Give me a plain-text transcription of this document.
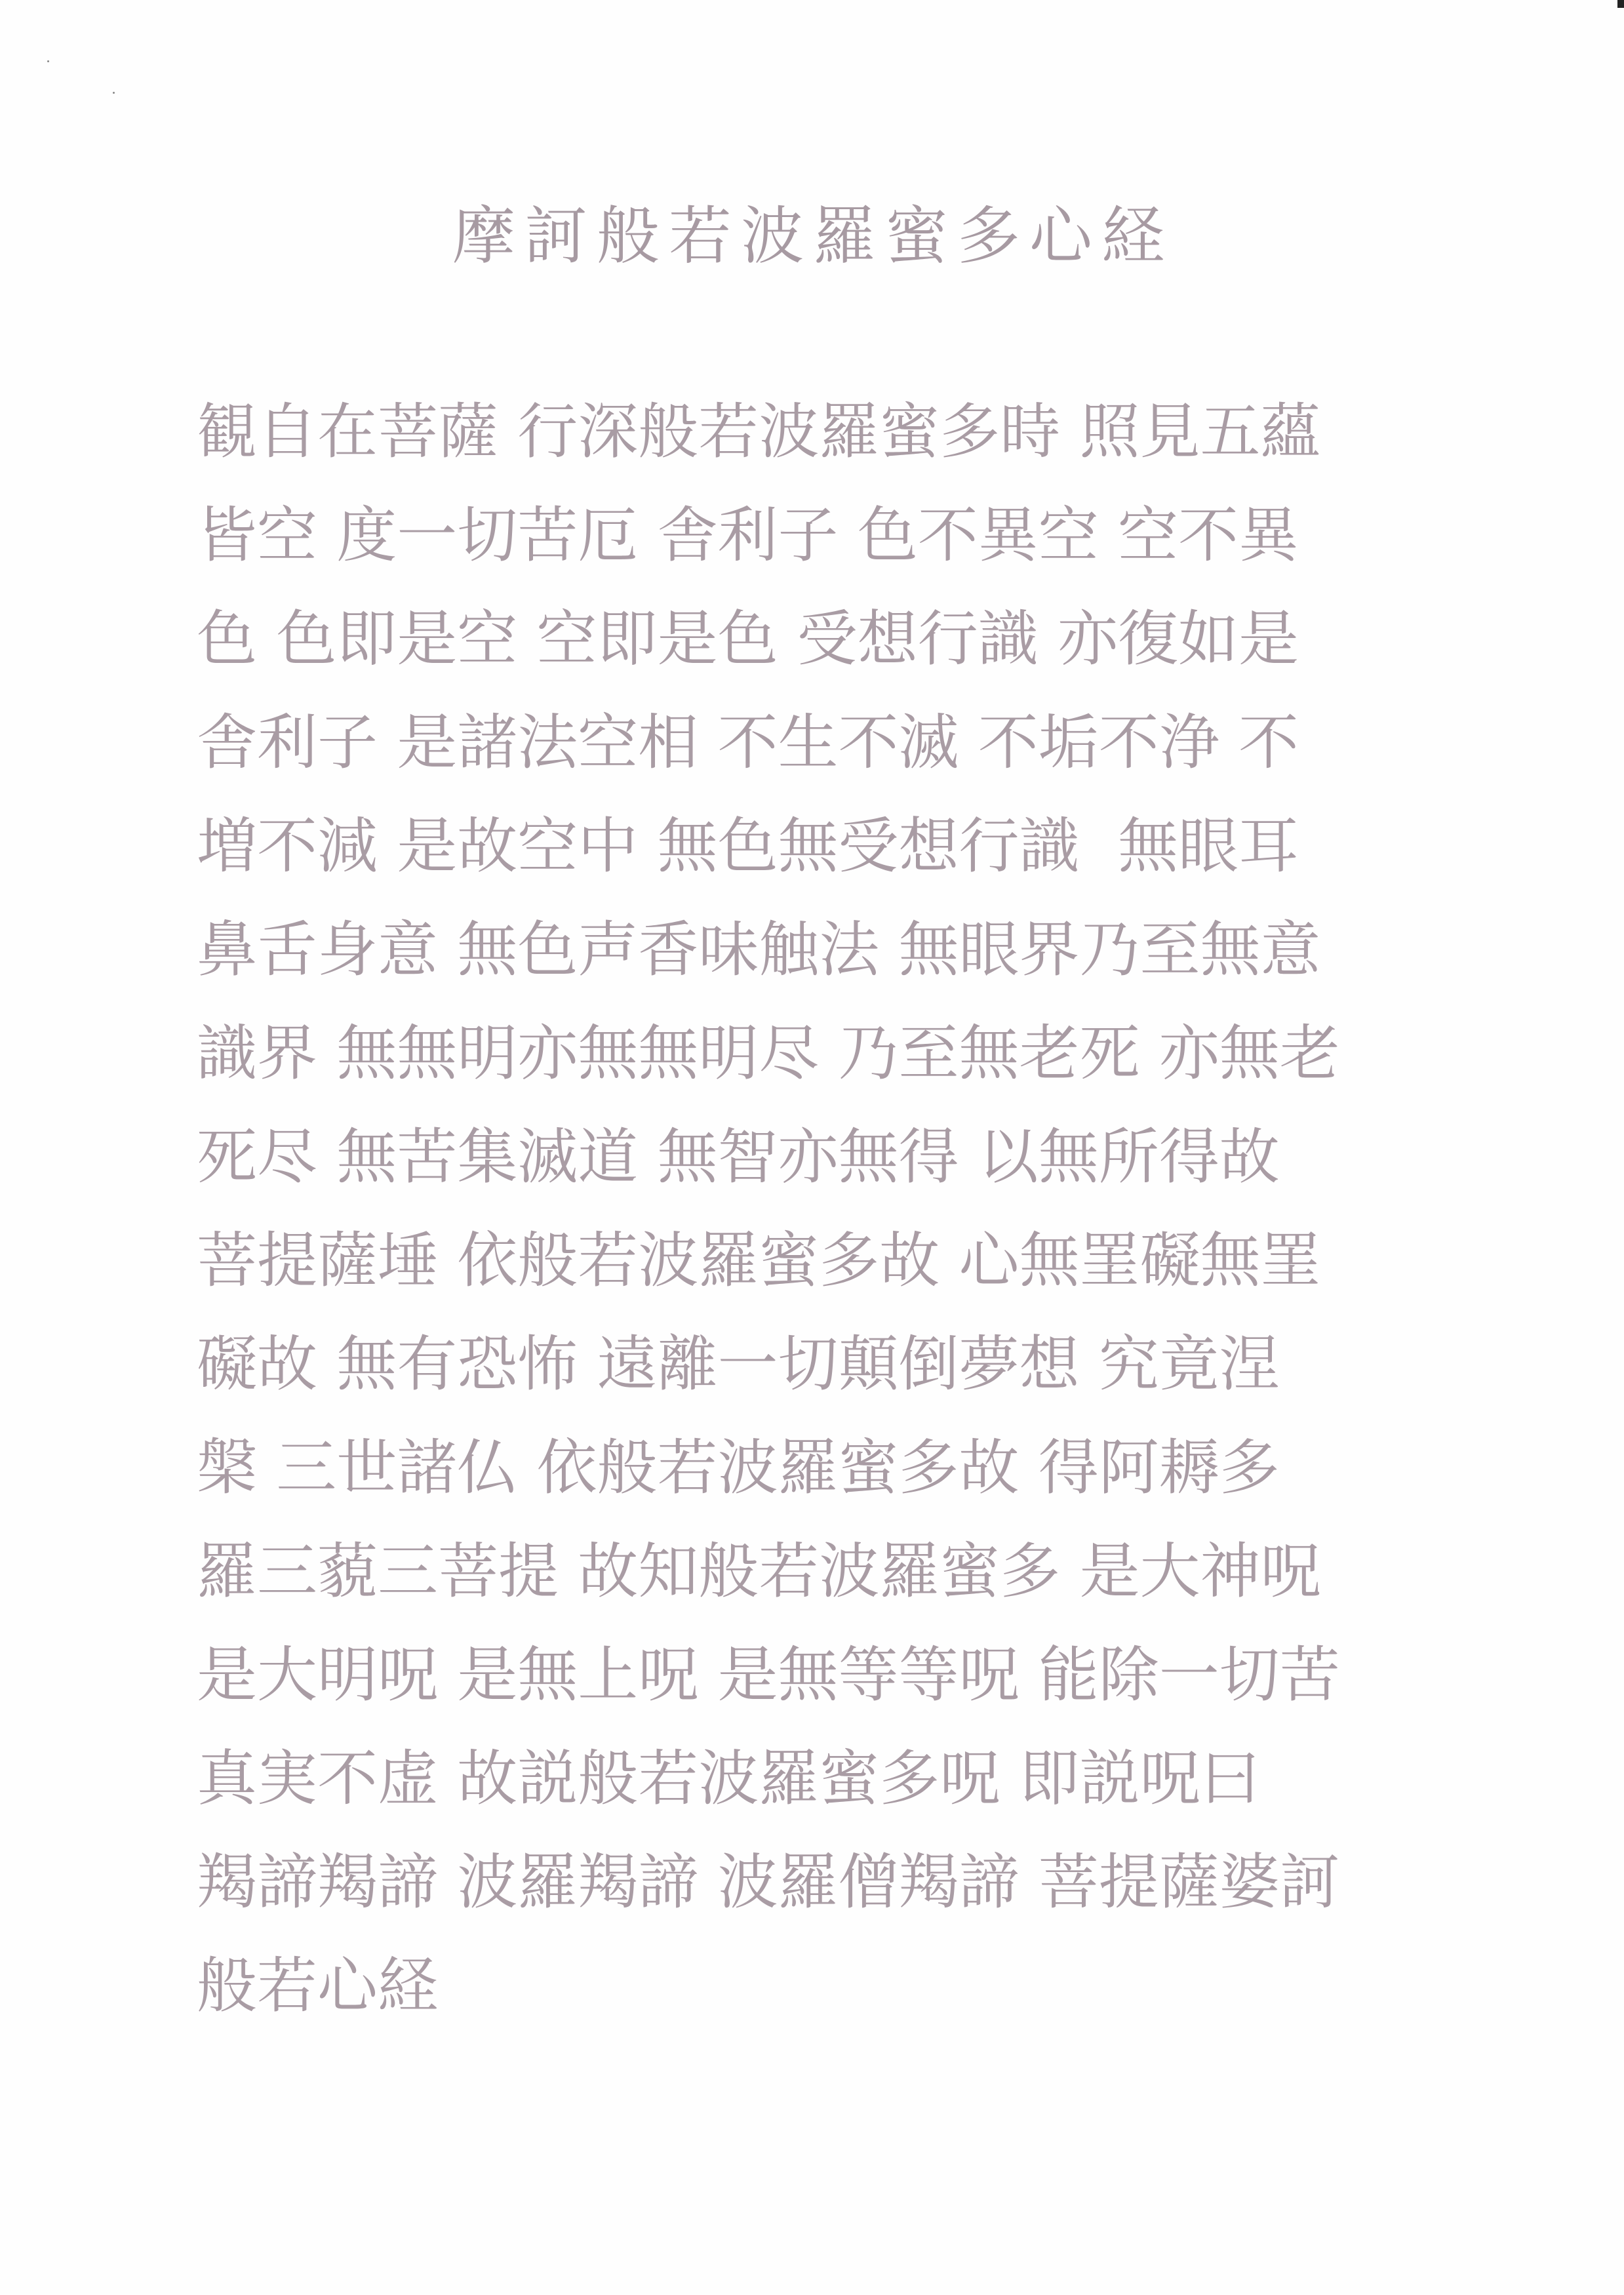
摩訶般若波羅蜜多心経
観自在菩薩 行深般若波羅蜜多時 照見五蘊
皆空 度一切苦厄 舎利子 色不異空 空不異
色 色即是空 空即是色 受想行識 亦復如是
舎利子 是諸法空相 不生不滅 不垢不浄 不
増不減 是故空中 無色無受想行識  無眼耳
鼻舌身意 無色声香味触法 無眼界乃至無意
識界 無無明亦無無明尽 乃至無老死 亦無老
死尽 無苦集滅道 無智亦無得 以無所得故
菩提薩埵 依般若波羅蜜多故 心無罣礙無罣
礙故 無有恐怖 遠離一切顛倒夢想 究竟涅
槃 三世諸仏 依般若波羅蜜多故 得阿耨多
羅三藐三菩提 故知般若波羅蜜多 是大神呪
是大明呪 是無上呪 是無等等呪 能除一切苦
真実不虚 故説般若波羅蜜多呪 即説呪曰
羯諦羯諦 波羅羯諦 波羅僧羯諦 菩提薩婆訶
般若心経
